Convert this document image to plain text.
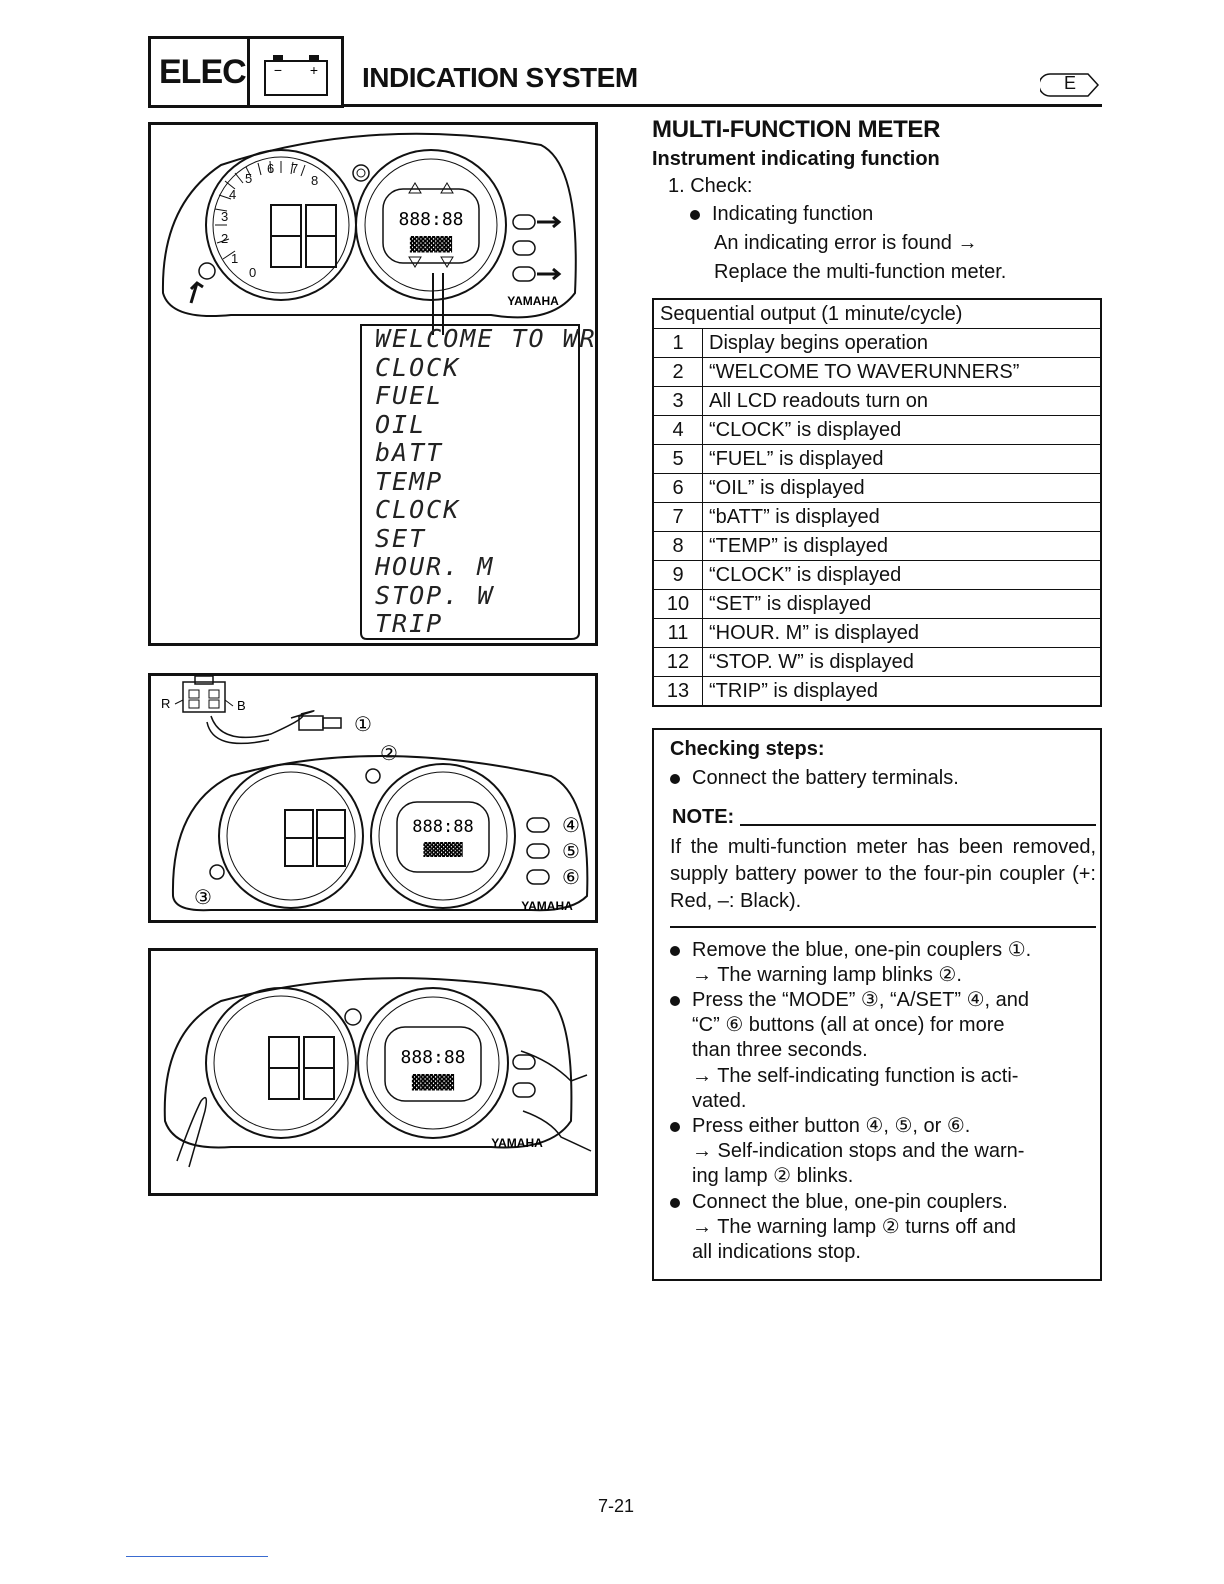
ELEC − + INDICATION SYSTEM	E
888:88
▓▓▓▓▓
YAMAHA
0
1
2
3
4
5
6 7
8
WELCOME TO WR
CLOCK
FUEL
OIL
bATT
TEMP
CLOCK
SET
HOUR. M
STOP. W
TRIP
R	B
①
②
888:88
▓▓▓▓▓
④
⑤
⑥
③	YAMAHA
888:88
▓▓▓▓▓
YAMAHA
MULTI-FUNCTION METER
Instrument indicating function
1. Check:
Indicating function
An indicating error is found →
Replace the multi-function meter.
Sequential output (1 minute/cycle)	
1	Display begins operation
2	“WELCOME TO WAVERUNNERS”
3	All LCD readouts turn on
4	“CLOCK” is displayed
5	“FUEL” is displayed
6	“OIL” is displayed
7	“bATT” is displayed
8	“TEMP” is displayed
9	“CLOCK” is displayed
10	“SET” is displayed
11	“HOUR. M” is displayed
12	“STOP. W” is displayed
13	“TRIP” is displayed
Checking steps:
Connect the battery terminals.
NOTE:
If the multi-function meter has been removed, supply battery power to the four-pin coupler (+: Red, –: Black).
Remove the blue, one-pin couplers ①.
→ The warning lamp blinks ②.
Press the “MODE” ③, “A/SET” ④, and
“C” ⑥ buttons (all at once) for more
than three seconds.
→ The self-indicating function is acti-
vated.
Press either button ④, ⑤, or ⑥.
→ Self-indication stops and the warn-
ing lamp ② blinks.
Connect the blue, one-pin couplers.
→ The warning lamp ② turns off and
all indications stop.
7-21
